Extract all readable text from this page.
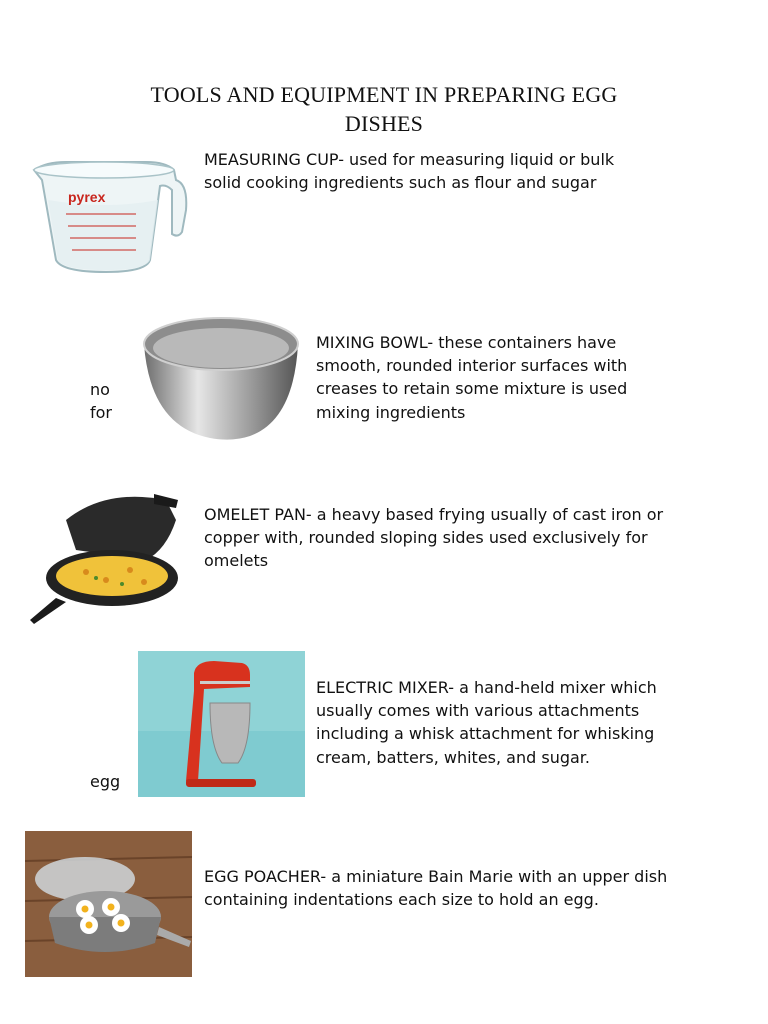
TOOLS AND EQUIPMENT IN PREPARING EGG
DISHES
pyrex
MEASURING CUP- used for measuring liquid or bulk solid cooking ingredients such as flour and sugar
no
for
MIXING BOWL- these containers have smooth, rounded interior surfaces with creases to retain some mixture is used mixing ingredients
OMELET PAN- a heavy based frying usually of cast iron or copper with, rounded sloping sides used exclusively for omelets
egg
ELECTRIC MIXER- a hand-held mixer which usually comes with various attachments including a whisk attachment for whisking cream, batters, whites, and sugar.
EGG POACHER- a miniature Bain Marie with an upper dish containing indentations each size to hold an egg.
